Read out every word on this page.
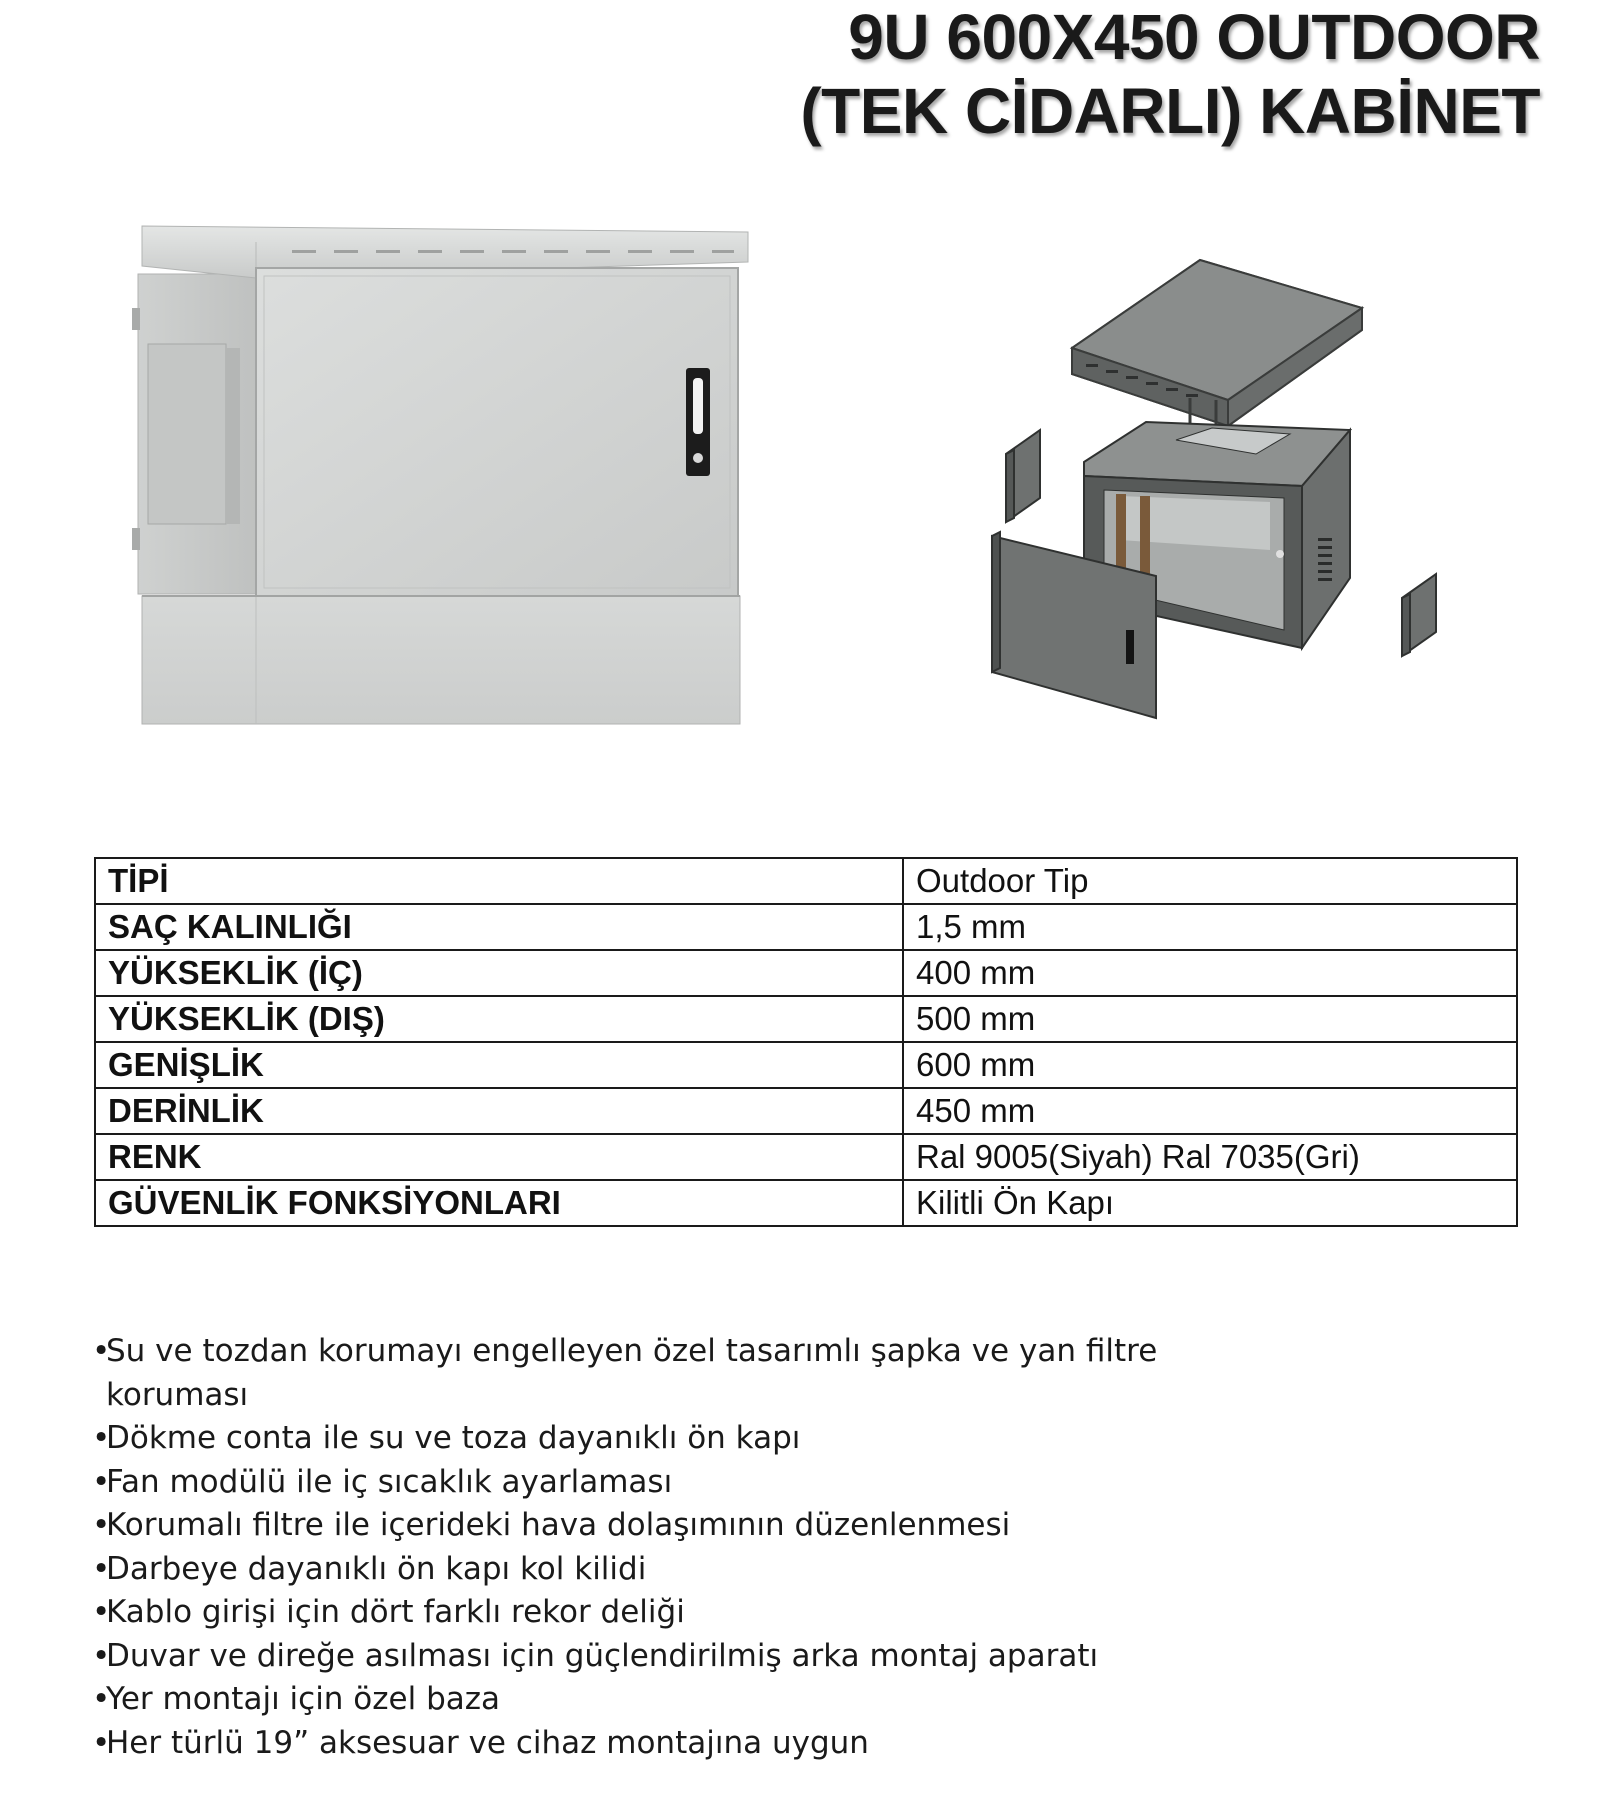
9U 600X450 OUTDOOR
(TEK CİDARLI) KABİNET
TİPİ	Outdoor Tip
SAÇ KALINLIĞI	1,5 mm
YÜKSEKLİK (İÇ)	400 mm
YÜKSEKLİK (DIŞ)	500 mm
GENİŞLİK	600 mm
DERİNLİK	450 mm
RENK	Ral 9005(Siyah) Ral 7035(Gri)
GÜVENLİK FONKSİYONLARI	Kilitli Ön Kapı
•Su ve tozdan korumayı engelleyen özel tasarımlı şapka ve yan filtre koruması
•Dökme conta ile su ve toza dayanıklı ön kapı
•Fan modülü ile iç sıcaklık ayarlaması
•Korumalı filtre ile içerideki hava dolaşımının düzenlenmesi
•Darbeye dayanıklı ön kapı kol kilidi
•Kablo girişi için dört farklı rekor deliği
•Duvar ve direğe asılması için güçlendirilmiş arka montaj aparatı
•Yer montajı için özel baza
•Her türlü 19” aksesuar ve cihaz montajına uygun
